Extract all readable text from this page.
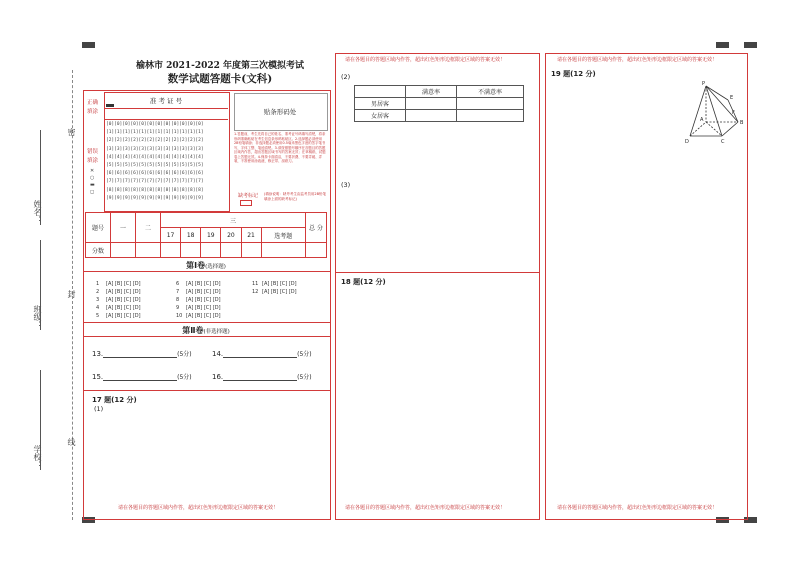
姓名：
班级：
学校：
密
封
线
榆林市 2021-2022 年度第三次模拟考试
数学试题答题卡(文科)
正确填涂
错误填涂
✕
○
▬
◻
准 考 证 号
[0][0][0][0][0][0][0][0][0][0][0][0]
[1][1][1][1][1][1][1][1][1][1][1][1]
[2][2][2][2][2][2][2][2][2][2][2][2]
[3][3][3][3][3][3][3][3][3][3][3][3]
[4][4][4][4][4][4][4][4][4][4][4][4]
[5][5][5][5][5][5][5][5][5][5][5][5]
[6][6][6][6][6][6][6][6][6][6][6][6]
[7][7][7][7][7][7][7][7][7][7][7][7]
[8][8][8][8][8][8][8][8][8][8][8][8]
[9][9][9][9][9][9][9][9][9][9][9][9]
贴条形码处
1.答题前，考生先将自己的姓名、准考证号码填写清楚，将条形码准确粘贴在考生信息条形码粘贴区。2.选择题必须使用2B铅笔填涂；非选择题必须使用0.5毫米黑色字迹的签字笔书写，字体工整、笔迹清楚。3.请按照题号顺序在各题目的答题区域内作答，超出答题区域书写的答案无效；在草稿纸、试题卷上答题无效。4.保持卡面清洁，不要折叠、不要弄破、弄皱，不准使用涂改液、修正带、刮纸刀。
缺考标记	(填涂说明：缺考考生由监考员用2B铅笔填涂上面的缺考标记)
题号	一	二	三						总 分
			17	18	19	20	21	选考题	
分数									
第Ⅰ卷(选择题)
1 [A] [B] [C] [D]
2 [A] [B] [C] [D]
3 [A] [B] [C] [D]
4 [A] [B] [C] [D]
5 [A] [B] [C] [D]
6 [A] [B] [C] [D]
7 [A] [B] [C] [D]
8 [A] [B] [C] [D]
9 [A] [B] [C] [D]
10 [A] [B] [C] [D]
11 [A] [B] [C] [D]
12 [A] [B] [C] [D]
第Ⅱ卷(非选择题)
13.	(5分)	14.	(5分)
15.	(5分)	16.	(5分)
17 题(12 分)
(1)
请在各题目的答题区域内作答，超出红色矩形边框限定区域的答案无效！
请在各题目的答题区域内作答，超出红色矩形边框限定区域的答案无效！
(2)
	满意率	不满意率
男居客		
女居客		
(3)
18 题(12 分)
请在各题目的答题区域内作答，超出红色矩形边框限定区域的答案无效！
请在各题目的答题区域内作答，超出红色矩形边框限定区域的答案无效！
19 题(12 分)
P
A	B
C
D
E
F
请在各题目的答题区域内作答，超出红色矩形边框限定区域的答案无效！
